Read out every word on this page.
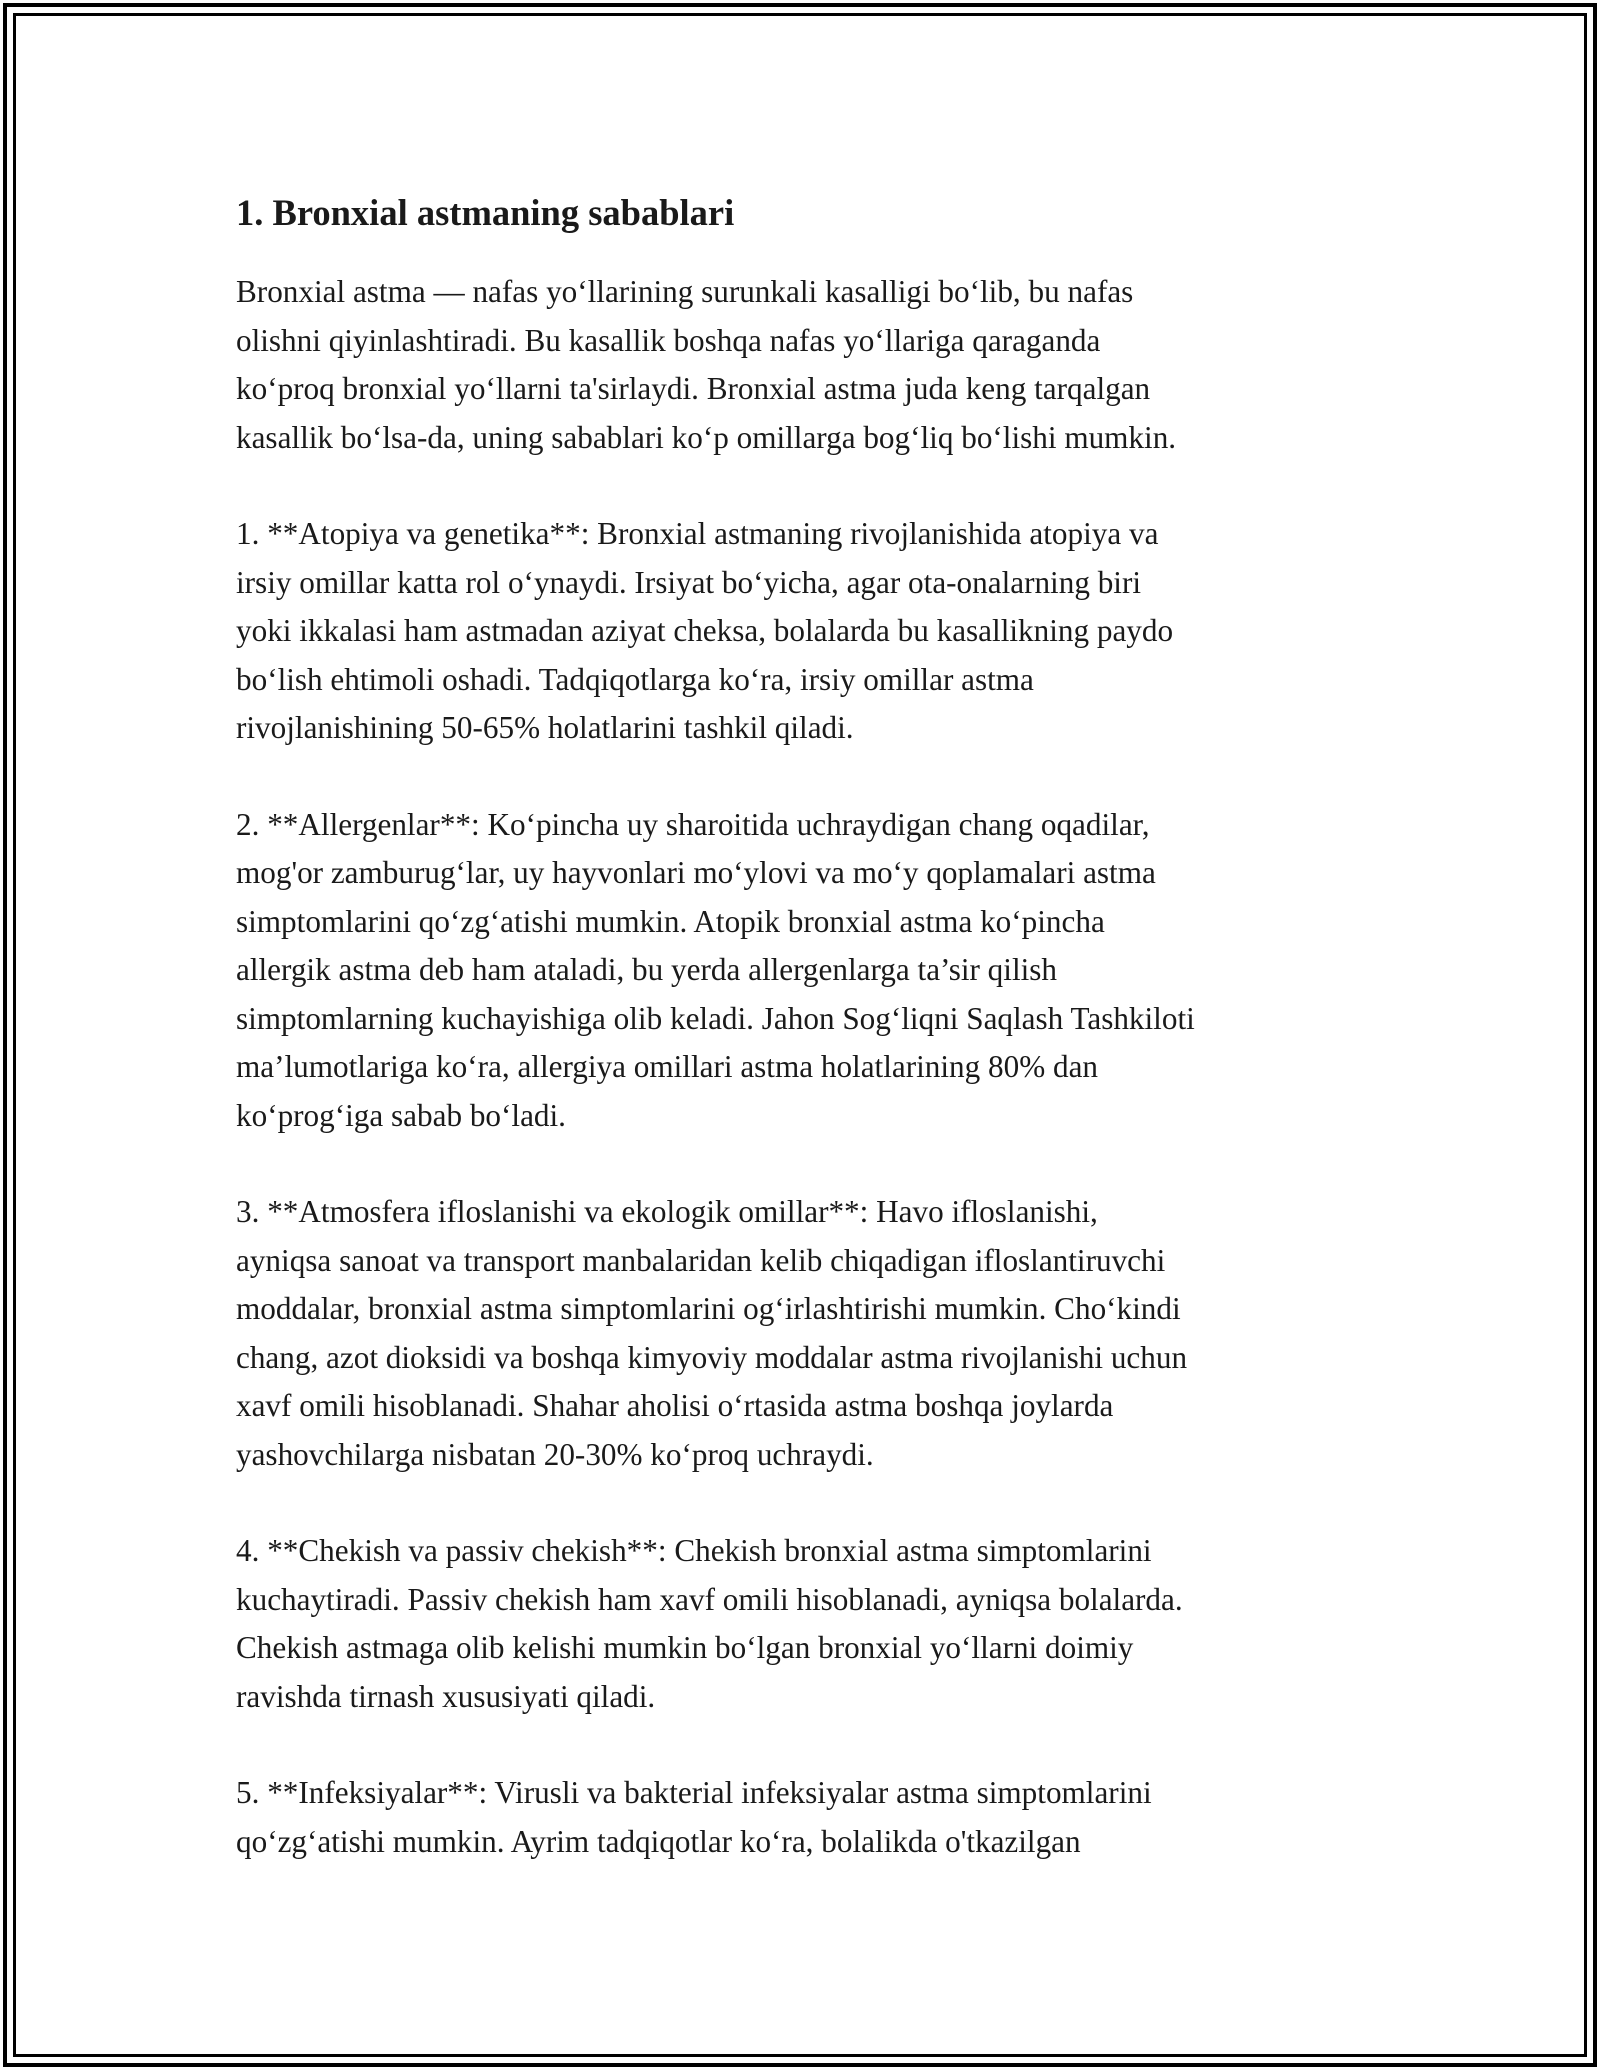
1. Bronxial astmaning sabablari

Bronxial astma — nafas yo‘llarining surunkali kasalligi bo‘lib, bu nafas
olishni qiyinlashtiradi. Bu kasallik boshqa nafas yo‘llariga qaraganda
ko‘proq bronxial yo‘llarni ta'sirlaydi. Bronxial astma juda keng tarqalgan
kasallik bo‘lsa-da, uning sabablari ko‘p omillarga bog‘liq bo‘lishi mumkin.

1. **Atopiya va genetika**: Bronxial astmaning rivojlanishida atopiya va
irsiy omillar katta rol o‘ynaydi. Irsiyat bo‘yicha, agar ota-onalarning biri
yoki ikkalasi ham astmadan aziyat cheksa, bolalarda bu kasallikning paydo
bo‘lish ehtimoli oshadi. Tadqiqotlarga ko‘ra, irsiy omillar astma
rivojlanishining 50-65% holatlarini tashkil qiladi.

2. **Allergenlar**: Ko‘pincha uy sharoitida uchraydigan chang oqadilar,
mog'or zamburug‘lar, uy hayvonlari mo‘ylovi va mo‘y qoplamalari astma
simptomlarini qo‘zg‘atishi mumkin. Atopik bronxial astma ko‘pincha
allergik astma deb ham ataladi, bu yerda allergenlarga ta’sir qilish
simptomlarning kuchayishiga olib keladi. Jahon Sog‘liqni Saqlash Tashkiloti
ma’lumotlariga ko‘ra, allergiya omillari astma holatlarining 80% dan
ko‘prog‘iga sabab bo‘ladi.

3. **Atmosfera ifloslanishi va ekologik omillar**: Havo ifloslanishi,
ayniqsa sanoat va transport manbalaridan kelib chiqadigan ifloslantiruvchi
moddalar, bronxial astma simptomlarini og‘irlashtirishi mumkin. Cho‘kindi
chang, azot dioksidi va boshqa kimyoviy moddalar astma rivojlanishi uchun
xavf omili hisoblanadi. Shahar aholisi o‘rtasida astma boshqa joylarda
yashovchilarga nisbatan 20-30% ko‘proq uchraydi.

4. **Chekish va passiv chekish**: Chekish bronxial astma simptomlarini
kuchaytiradi. Passiv chekish ham xavf omili hisoblanadi, ayniqsa bolalarda.
Chekish astmaga olib kelishi mumkin bo‘lgan bronxial yo‘llarni doimiy
ravishda tirnash xususiyati qiladi.

5. **Infeksiyalar**: Virusli va bakterial infeksiyalar astma simptomlarini
qo‘zg‘atishi mumkin. Ayrim tadqiqotlar ko‘ra, bolalikda o'tkazilgan
